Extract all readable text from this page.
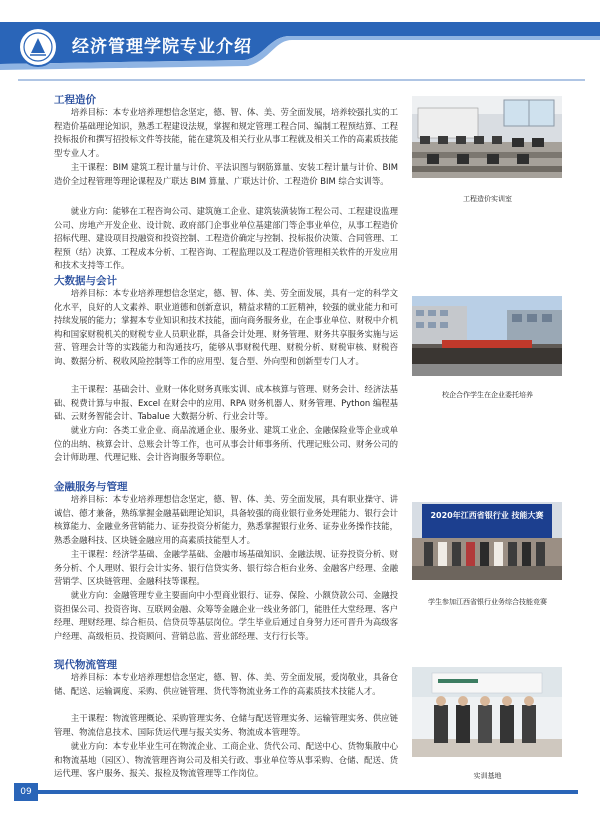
经济管理学院专业介绍
工程造价

培养目标：本专业培养理想信念坚定，德、智、体、美、劳全面发展，培养较强扎实的工程造价基础理论知识，熟悉工程建设法规，掌握和规定管理工程合同、编制工程预结算、工程投标报价和撰写招投标文件等技能，能在建筑及相关行业从事工程就及相关工作的高素质技能型专业人才。

主干课程：BIM 建筑工程计量与计价、平法识图与钢筋算量、安装工程计量与计价、BIM 造价全过程管理等理论课程及广联达 BIM 算量、广联达计价、工程造价 BIM 综合实训等。

就业方向：能够在工程咨询公司、建筑施工企业、建筑装潢装饰工程公司、工程建设监理公司、房地产开发企业、设计院、政府部门企事业单位基建部门等企事业单位，从事工程造价招标代理、建设项目投融资和投资控制、工程造价确定与控制、投标报价决策、合同管理、工程预（结）决算、工程成本分析、工程咨询、工程监理以及工程造价管理相关软件的开发应用和技术支持等工作。

工程造价实训室
大数据与会计

培养目标：本专业培养理想信念坚定，德、智、体、美、劳全面发展，具有一定的科学文化水平，良好的人文素养、职业道德和创新意识，精益求精的工匠精神，较强的就业能力和可持续发展的能力；掌握本专业知识和技术技能，面向商务服务业，在企事业单位、财税中介机构和国家财税机关的财税专业人员职业群，具备会计处理、财务管理、财务共享服务实施与运营、管理会计等的实践能力和沟通技巧，能够从事财税代理、财税分析、财税审核、财税咨询、数据分析、税收风险控制等工作的应用型、复合型、外向型和创新型专门人才。

主干课程：基础会计、业财一体化财务真账实训、成本核算与管理、财务会计、经济法基础、税费计算与申报、Excel 在财会中的应用、RPA 财务机器人、财务管理、Python 编程基础、云财务智能会计、Tabalue 大数据分析、行业会计等。

就业方向：各类工业企业、商品流通企业、服务业、建筑工业企、金融保险业等企业或单位的出纳、核算会计、总账会计等工作，也可从事会计师事务所、代理记账公司、财务公司的会计师助理、代理记账、会计咨询服务等职位。

校企合作学生在企业委托培养
金融服务与管理

培养目标：本专业培养理想信念坚定，德、智、体、美、劳全面发展，具有职业操守、讲诚信、德才兼备，熟练掌握金融基础理论知识，具备较强的商业银行业务处理能力、银行会计核算能力、金融业务营销能力、证券投资分析能力，熟悉掌握银行业务、证券业务操作技能，熟悉金融科技、区块链金融应用的高素质技能型人才。

主干课程：经济学基础、金融学基础、金融市场基础知识、金融法规、证券投资分析、财务分析、个人理财、银行会计实务、银行信贷实务、银行综合柜台业务、金融客户经理、金融营销学、区块链管理、金融科技等课程。

就业方向：金融管理专业主要面向中小型商业银行、证券、保险、小额贷款公司、金融投资担保公司、投资咨询、互联网金融、众筹等金融企业一线业务部门，能胜任大堂经理、客户经理、理财经理、综合柜员、信贷员等基层岗位。学生毕业后通过自身努力还可晋升为高级客户经理、高级柜员、投资顾问、营销总监、营业部经理、支行行长等。

2020年江西省银行业 技能大赛
学生参加江西省银行业务综合技能竞赛
现代物流管理

培养目标：本专业培养理想信念坚定，德、智、体、美、劳全面发展，爱岗敬业，具备仓储、配送、运输调度、采购、供应链管理、货代等物流业务工作的高素质技术技能人才。

主干课程：物流管理概论、采购管理实务、仓储与配送管理实务、运输管理实务、供应链管理、物流信息技术、国际货运代理与报关实务、物流成本管理等。

就业方向：本专业毕业生可在物流企业、工商企业、货代公司、配送中心、货物集散中心和物流基地（园区）、物流管理咨询公司及相关行政、事业单位等从事采购、仓储、配送、货运代理、客户服务、报关、报检及物流管理等工作岗位。	实训基地
09
